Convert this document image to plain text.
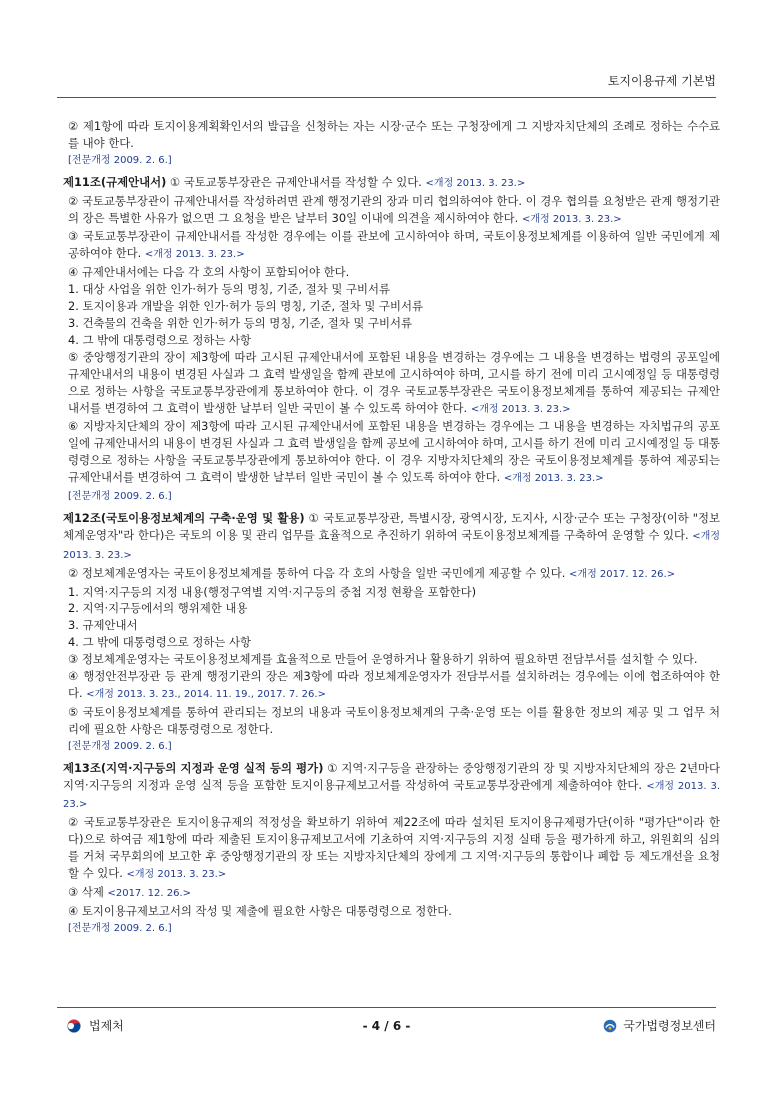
토지이용규제 기본법

② 제1항에 따라 토지이용계획확인서의 발급을 신청하는 자는 시장·군수 또는 구청장에게 그 지방자치단체의 조례로 정하는 수수료를 내야 한다.

[전문개정 2009. 2. 6.]

제11조(규제안내서) ① 국토교통부장관은 규제안내서를 작성할 수 있다. <개정 2013. 3. 23.>

② 국토교통부장관이 규제안내서를 작성하려면 관계 행정기관의 장과 미리 협의하여야 한다. 이 경우 협의를 요청받은 관계 행정기관의 장은 특별한 사유가 없으면 그 요청을 받은 날부터 30일 이내에 의견을 제시하여야 한다. <개정 2013. 3. 23.>

③ 국토교통부장관이 규제안내서를 작성한 경우에는 이를 관보에 고시하여야 하며, 국토이용정보체계를 이용하여 일반 국민에게 제공하여야 한다. <개정 2013. 3. 23.>

④ 규제안내서에는 다음 각 호의 사항이 포함되어야 한다.

1. 대상 사업을 위한 인가·허가 등의 명칭, 기준, 절차 및 구비서류

2. 토지이용과 개발을 위한 인가·허가 등의 명칭, 기준, 절차 및 구비서류

3. 건축물의 건축을 위한 인가·허가 등의 명칭, 기준, 절차 및 구비서류

4. 그 밖에 대통령령으로 정하는 사항

⑤ 중앙행정기관의 장이 제3항에 따라 고시된 규제안내서에 포함된 내용을 변경하는 경우에는 그 내용을 변경하는 법령의 공포일에 규제안내서의 내용이 변경된 사실과 그 효력 발생일을 함께 관보에 고시하여야 하며, 고시를 하기 전에 미리 고시예정일 등 대통령령으로 정하는 사항을 국토교통부장관에게 통보하여야 한다. 이 경우 국토교통부장관은 국토이용정보체계를 통하여 제공되는 규제안내서를 변경하여 그 효력이 발생한 날부터 일반 국민이 볼 수 있도록 하여야 한다. <개정 2013. 3. 23.>

⑥ 지방자치단체의 장이 제3항에 따라 고시된 규제안내서에 포함된 내용을 변경하는 경우에는 그 내용을 변경하는 자치법규의 공포일에 규제안내서의 내용이 변경된 사실과 그 효력 발생일을 함께 공보에 고시하여야 하며, 고시를 하기 전에 미리 고시예정일 등 대통령령으로 정하는 사항을 국토교통부장관에게 통보하여야 한다. 이 경우 지방자치단체의 장은 국토이용정보체계를 통하여 제공되는 규제안내서를 변경하여 그 효력이 발생한 날부터 일반 국민이 볼 수 있도록 하여야 한다. <개정 2013. 3. 23.>

[전문개정 2009. 2. 6.]

제12조(국토이용정보체계의 구축·운영 및 활용) ① 국토교통부장관, 특별시장, 광역시장, 도지사, 시장·군수 또는 구청장(이하 "정보체계운영자"라 한다)은 국토의 이용 및 관리 업무를 효율적으로 추진하기 위하여 국토이용정보체계를 구축하여 운영할 수 있다. <개정 2013. 3. 23.>

② 정보체계운영자는 국토이용정보체계를 통하여 다음 각 호의 사항을 일반 국민에게 제공할 수 있다. <개정 2017. 12. 26.>

1. 지역·지구등의 지정 내용(행정구역별 지역·지구등의 중첩 지정 현황을 포함한다)

2. 지역·지구등에서의 행위제한 내용

3. 규제안내서

4. 그 밖에 대통령령으로 정하는 사항

③ 정보체계운영자는 국토이용정보체계를 효율적으로 만들어 운영하거나 활용하기 위하여 필요하면 전담부서를 설치할 수 있다.

④ 행정안전부장관 등 관계 행정기관의 장은 제3항에 따라 정보체계운영자가 전담부서를 설치하려는 경우에는 이에 협조하여야 한다. <개정 2013. 3. 23., 2014. 11. 19., 2017. 7. 26.>

⑤ 국토이용정보체계를 통하여 관리되는 정보의 내용과 국토이용정보체계의 구축·운영 또는 이를 활용한 정보의 제공 및 그 업무 처리에 필요한 사항은 대통령령으로 정한다.

[전문개정 2009. 2. 6.]

제13조(지역·지구등의 지정과 운영 실적 등의 평가) ① 지역·지구등을 관장하는 중앙행정기관의 장 및 지방자치단체의 장은 2년마다 지역·지구등의 지정과 운영 실적 등을 포함한 토지이용규제보고서를 작성하여 국토교통부장관에게 제출하여야 한다. <개정 2013. 3. 23.>

② 국토교통부장관은 토지이용규제의 적정성을 확보하기 위하여 제22조에 따라 설치된 토지이용규제평가단(이하 "평가단"이라 한다)으로 하여금 제1항에 따라 제출된 토지이용규제보고서에 기초하여 지역·지구등의 지정 실태 등을 평가하게 하고, 위원회의 심의를 거쳐 국무회의에 보고한 후 중앙행정기관의 장 또는 지방자치단체의 장에게 그 지역·지구등의 통합이나 폐합 등 제도개선을 요청할 수 있다. <개정 2013. 3. 23.>

③ 삭제 <2017. 12. 26.>

④ 토지이용규제보고서의 작성 및 제출에 필요한 사항은 대통령령으로 정한다.

[전문개정 2009. 2. 6.]

법제처	- 4 / 6 -	국가법령정보센터
